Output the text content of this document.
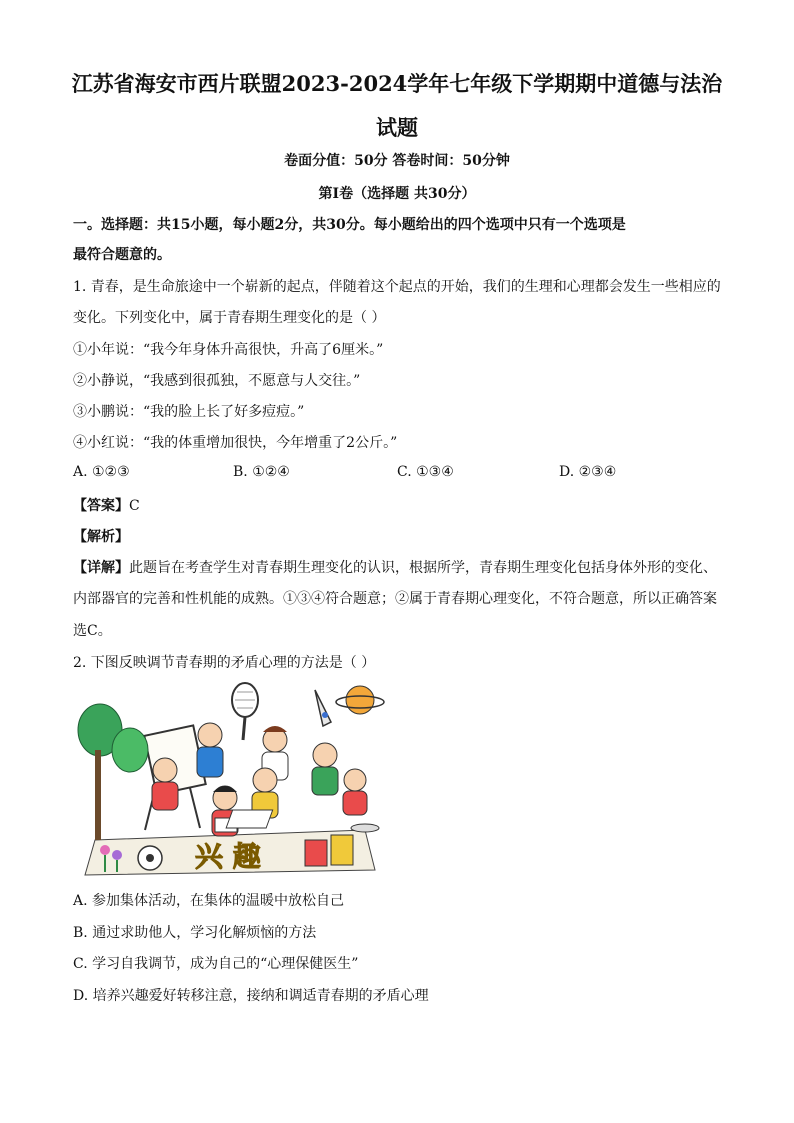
江苏省海安市西片联盟2023-2024学年七年级下学期期中道德与法治
试题
卷面分值：50分 答卷时间：50分钟
第Ⅰ卷（选择题 共30分）
一。选择题：共15小题，每小题2分，共30分。每小题给出的四个选项中只有一个选项是
最符合题意的。
1. 青春，是生命旅途中一个崭新的起点，伴随着这个起点的开始，我们的生理和心理都会发生一些相应的
变化。下列变化中，属于青春期生理变化的是（ ）
①小年说：“我今年身体升高很快，升高了6厘米。”
②小静说，“我感到很孤独，不愿意与人交往。”
③小鹏说：“我的脸上长了好多痘痘。”
④小红说：“我的体重增加很快，今年增重了2公斤。”
A. ①②③	B. ①②④	C. ①③④	D. ②③④
【答案】C
【解析】
【详解】此题旨在考查学生对青春期生理变化的认识，根据所学，青春期生理变化包括身体外形的变化、
内部器官的完善和性机能的成熟。①③④符合题意；②属于青春期心理变化，不符合题意，所以正确答案
选C。
2. 下图反映调节青春期的矛盾心理的方法是（ ）
兴 趣
A. 参加集体活动，在集体的温暖中放松自己
B. 通过求助他人，学习化解烦恼的方法
C. 学习自我调节，成为自己的“心理保健医生”
D. 培养兴趣爱好转移注意，接纳和调适青春期的矛盾心理
